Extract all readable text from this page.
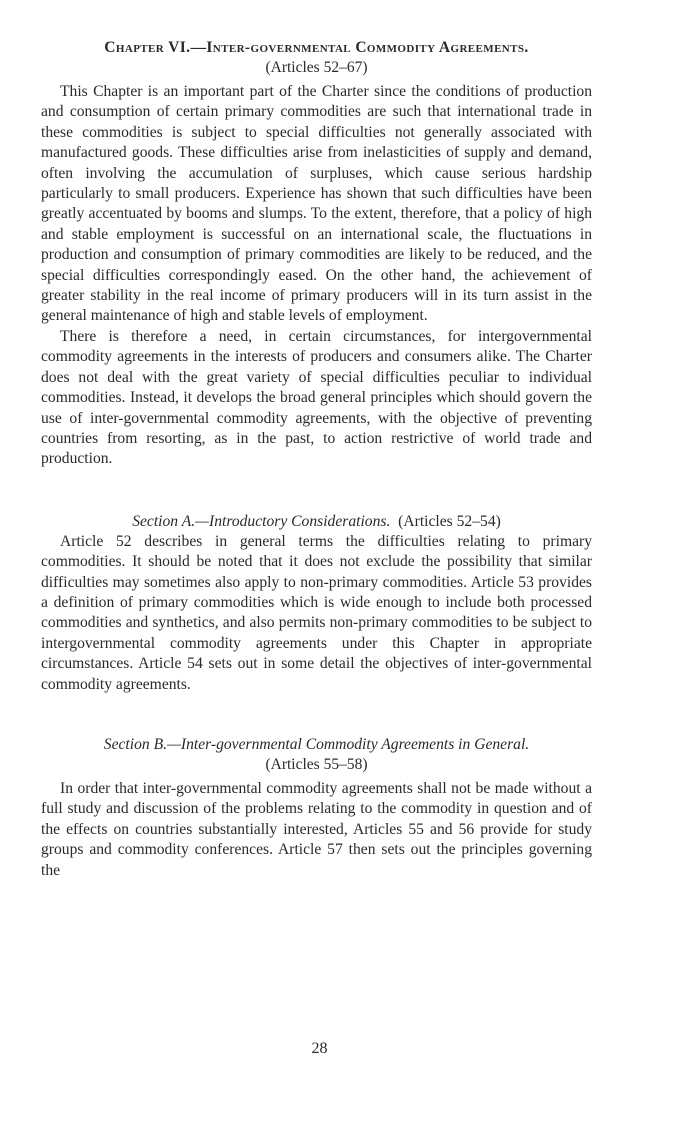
Chapter VI.—Inter-governmental Commodity Agreements.
(Articles 52–67)

This Chapter is an important part of the Charter since the conditions of production and consumption of certain primary commodities are such that international trade in these commodities is subject to special difficulties not generally associated with manufactured goods. These difficulties arise from inelasticities of supply and demand, often involving the accumulation of surpluses, which cause serious hardship particularly to small producers. Experience has shown that such difficulties have been greatly accentuated by booms and slumps. To the extent, therefore, that a policy of high and stable employment is successful on an international scale, the fluctuations in production and consumption of primary commodities are likely to be reduced, and the special difficulties correspondingly eased. On the other hand, the achievement of greater stability in the real income of primary producers will in its turn assist in the general maintenance of high and stable levels of employment.

There is therefore a need, in certain circumstances, for intergovernmental commodity agreements in the interests of producers and consumers alike. The Charter does not deal with the great variety of special difficulties peculiar to individual commodities. Instead, it develops the broad general principles which should govern the use of inter-governmental commodity agreements, with the objective of preventing countries from resorting, as in the past, to action restrictive of world trade and production.

Section A.—Introductory Considerations. (Articles 52–54)

Article 52 describes in general terms the difficulties relating to primary commodities. It should be noted that it does not exclude the possibility that similar difficulties may sometimes also apply to non-primary commodities. Article 53 provides a definition of primary commodities which is wide enough to include both processed commodities and synthetics, and also permits non-primary commodities to be subject to intergovernmental commodity agreements under this Chapter in appropriate circumstances. Article 54 sets out in some detail the objectives of inter-governmental commodity agreements.

Section B.—Inter-governmental Commodity Agreements in General.
(Articles 55–58)

In order that inter-governmental commodity agreements shall not be made without a full study and discussion of the problems relating to the commodity in question and of the effects on countries substantially interested, Articles 55 and 56 provide for study groups and commodity conferences. Article 57 then sets out the principles governing the

28
